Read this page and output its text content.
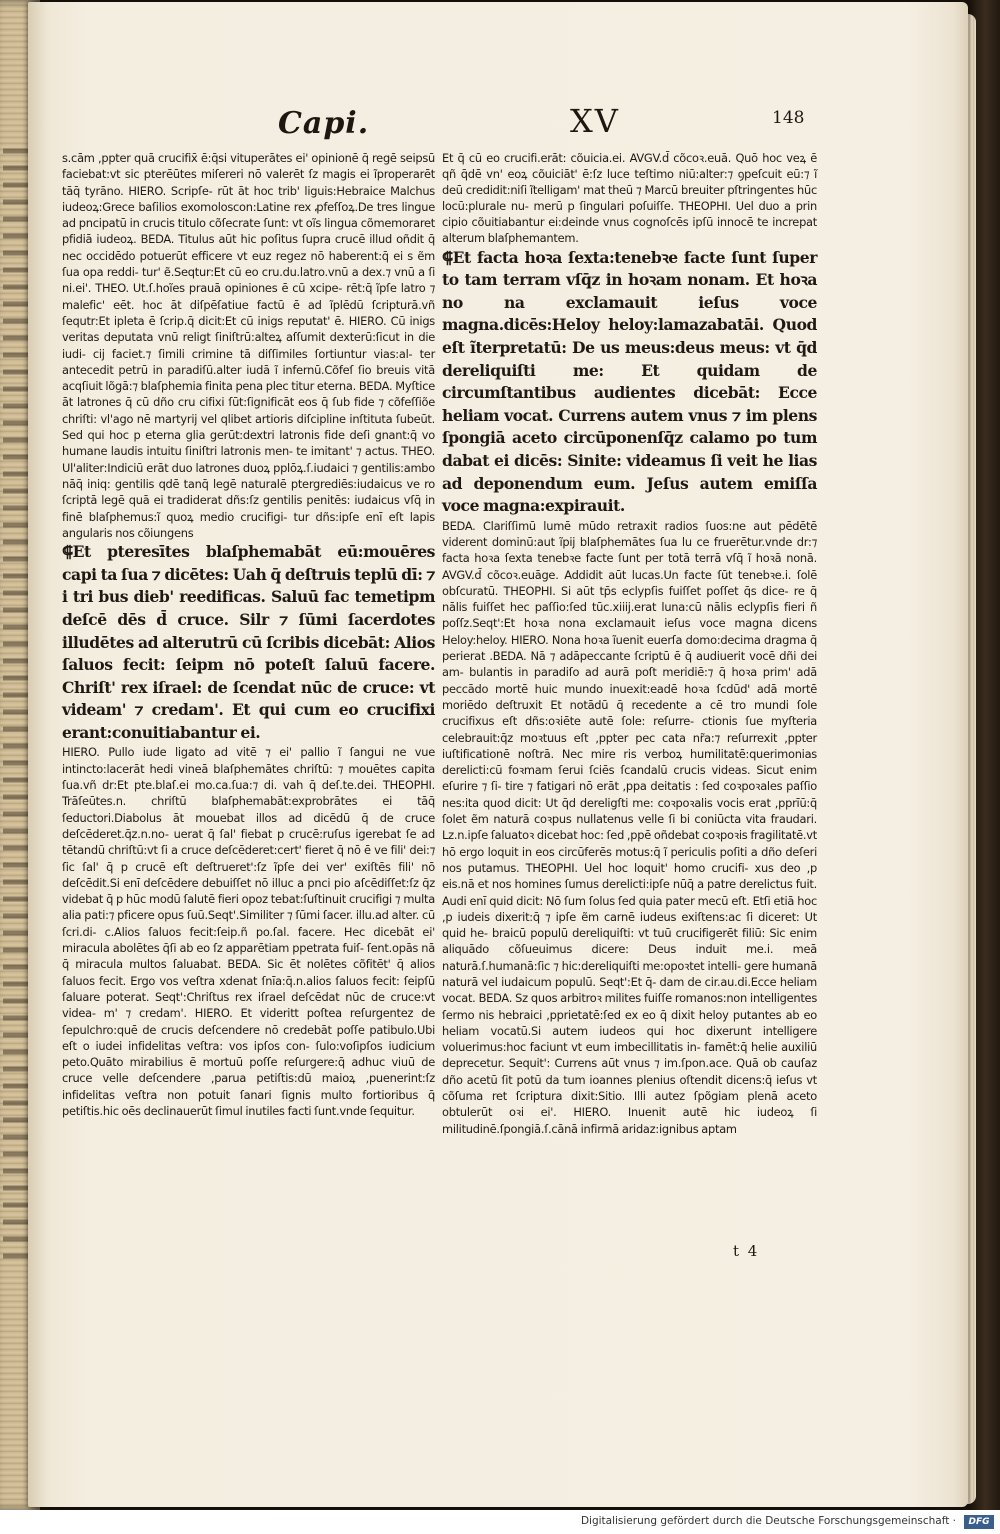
Capi.	XV	148

s.cām ,ppter quā crucifix̄ ē:q̄si vituperātes ei' opinionē q̄ regē seipsū faciebat:vt sic pterēūtes miſereri nō valerēt ſz magis ei ĩproperarēt tāq̄ tyrāno. HIERO. Scripſe- rūt āt hoc trib' liguis:Hebraice Malchus iudeoꝝ:Grece baſilios exomoloscon:Latine rex ꝓfeſſoꝝ.De tres lingue ad pncipatū in crucis titulo cõſecrate ſunt: vt oĩs lingua cõmemoraret pfidiā iudeoꝝ. BEDA. Titulus aūt hic poſitus ſupra crucē illud oñdit q̄ nec occidēdo potuerūt efficere vt euz regez nō haberent:q̄ ei s ẽm ſua opa reddi- tur' ẽ.Seqtur:Et cū eo cru.du.latro.vnū a dex.⁊ vnū a ſi ni.ei'. THEO. Ut.ſ.hoĩes prauā opiniones ē cū xcipe- rēt:q̄ ĩpſe latro ⁊ malefic' eēt. hoc āt diſpēſatiue factū ē ad ĩplēdū ſcripturā.vñ ſequtr:Et ipleta ē ſcrip.q̄ dicit:Et cū inigs reputat' ē. HIERO. Cū inigs veritas deputata vnū religt ſiniſtrū:alteꝝ aſſumit dexterū:ſicut in die iudi- cij faciet.⁊ ſimili crimine tā diſſimiles ſortiuntur vias:al- ter antecedit petrū in paradiſū.alter iudā ĩ infernū.Cõfeſ ſio breuis vitā acqſiuit lõgā:⁊ blaſphemia finita pena plec titur eterna. BEDA. Myſtice āt latrones q̄ cū dño cru cifixi ſūt:ſignificāt eos q̄ ſub fide ⁊ cõfeſſiõe chriſti: vl'ago nē martyrij vel qlibet artioris diſcipline inſtituta ſubeūt. Sed qui hoc p eterna glia gerūt:dextri latronis fide deſi gnant:q̄ vo humane laudis intuitu ſiniſtri latronis men- te imitant' ⁊ actus. THEO. Ul'aliter:Indiciū erāt duo latrones duoꝝ pplōꝝ.ſ.iudaici ⁊ gentilis:ambo nāq̄ iniq: gentilis qdē tanq̄ legē naturalē ptergrediēs:iudaicus ve ro ſcriptā legē quā ei tradiderat dñs:ſz gentilis penitēs: iudaicus vſq̄ in finē blaſphemus:ĩ quoꝝ medio crucifigi- tur dñs:ipſe enī eſt lapis angularis nos cõiungens

⸿Et pteresītes blaſphemabāt eū:mouēres capi ta ſua ⁊ dicētes: Uah q̄ deſtruis teplū dī: ⁊ i tri bus dieb' reedificas. Saluū fac temetipm deſcē dēs d̄ cruce. Silr ⁊ ſūmi ſacerdotes illudētes ad alterutrū cū ſcribis dicebāt: Alios ſaluos fecit: ſeipm nō poteſt ſaluū facere. Chriſt' rex iſrael: de ſcendat nūc de cruce: vt videam' ⁊ credam'. Et qui cum eo crucifixi erant:conuitiabantur ei.

HIERO. Pullo iude ligato ad vitē ⁊ ei' pallio ĩ ſangui ne vue intincto:lacerāt hedi vineā blaſphemātes chriſtū: ⁊ mouētes capita ſua.vñ dr:Et pte.blaſ.ei mo.ca.ſua:⁊ di. vah q̄ deſ.te.dei. THEOPHI. Trāſeūtes.n. chriſtū blaſphemabāt:exprobrātes ei tāq̄ ſeductori.Diabolus āt mouebat illos ad dicēdū q̄ de cruce deſcēderet.q̄z.n.no- uerat q̄ ſal' fiebat p crucē:ruſus igerebat ſe ad tētandū chriſtū:vt ſi a cruce deſcēderet:cert' fieret q̄ nō ē ve fili' dei:⁊ ſic ſal' q̄ p crucē eſt deſtrueret':ſz ĩpſe dei ver' exiſtēs fili' nō deſcēdit.Si enī deſcēdere debuiſſet nō illuc a pnci pio aſcēdiſſet:ſz q̄z videbat q̄ p hūc modū ſalutē fieri opoz tebat:ſuſtinuit crucifigi ⁊ multa alia pati:⁊ pficere opus ſuū.Seqt'.Similiter ⁊ ſūmi ſacer. illu.ad alter. cū ſcri.di- c.Alios ſaluos fecit:ſeip.ñ po.ſal. facere. Hec dicebāt ei' miracula abolētes q̄ſi ab eo ſz apparētiam ppetrata fuiſ- ſent.opās nā q̄ miracula multos ſaluabat. BEDA. Sic ēt nolētes cõfitēt' q̄ alios ſaluos fecit. Ergo vos veſtra xdenat ſnīa:q̄.n.alios ſaluos fecit: ſeipſū ſaluare poterat. Seqt':Chriſtus rex iſrael deſcēdat nūc de cruce:vt videa- m' ⁊ credam'. HIERO. Et videritt poſtea reſurgentez de ſepulchro:quē de crucis deſcendere nō credebāt poſſe patibulo.Ubi eſt o iudei infidelitas veſtra: vos ipſos con- ſulo:voſipſos iudicium peto.Quāto mirabilius ē mortuū poſſe reſurgere:q̄ adhuc viuū de cruce velle deſcendere ,parua petiſtis:dū maioꝝ ,puenerint:ſz infidelitas veſtra non potuit ſanari ſignis multo fortioribus q̄ petiſtis.hic oēs declinauerūt ſimul inutiles facti ſunt.vnde ſequitur.

Et q̄ cū eo crucifi.erāt: cõuicia.ei. AVGV.d̄ cõcoꝛ.euā. Quō hoc veꝝ ē qñ q̄dē vn' eoꝝ cõuiciāt' ē:ſz luce teſtimo niū:alter:⁊ ꝯpeſcuit eū:⁊ ĩ deū credidit:niſi ĩtelligam' mat theū ⁊ Marcū breuiter pſtringentes hūc locū:plurale nu- merū p ſingulari poſuiſſe. THEOPHI. Uel duo a prin cipio cõuitiabantur ei:deinde vnus cognoſcēs ipſū innocē te increpat alterum blaſphemantem.

⸿Et facta hoꝛa ſexta:tenebꝛe facte ſunt ſuper to tam terram vſq̄z in hoꝛam nonam. Et hoꝛa no na exclamauit ieſus voce magna.dicēs:Heloy heloy:lamazabatāi. Quod eſt ĩterpretatū: De us meus:deus meus: vt q̄d dereliquiſti me: Et quidam de circumſtantibus audientes dicebāt: Ecce heliam vocat. Currens autem vnus ⁊ im plens ſpongiā aceto circūponenſq̄z calamo po tum dabat ei dicēs: Sinite: videamus ſi veit he lias ad deponendum eum. Jeſus autem emiſſa voce magna:expirauit.

BEDA. Clariſſimū lumē mūdo retraxit radios ſuos:ne aut pēdētē viderent dominū:aut ĩpij blaſphemātes ſua lu ce fruerētur.vnde dr:⁊ facta hoꝛa ſexta tenebꝛe facte ſunt per totā terrā vſq̄ ĩ hoꝛā nonā. AVGV.d̄ cõcoꝛ.euāge. Addidit aūt lucas.Un facte ſūt tenebꝛe.i. ſolē obſcuratū. THEOPHI. Si aūt tp̄s eclypſis fuiſſet poſſet q̄s dice- re q̄ nālis fuiſſet hec paſſio:ſed tūc.xiiij.erat luna:cū nālis eclypſis fieri ñ poſſz.Seqt':Et hoꝛa nona exclamauit ieſus voce magna dicens Heloy:heloy. HIERO. Nona hoꝛa ĩuenit euerſa domo:decima dragma q̄ perierat .BEDA. Nā ⁊ adāpeccante ſcriptū ē q̄ audiuerit vocē dñi dei am- bulantis in paradiſo ad aurā poſt meridiē:⁊ q̄ hoꝛa prim' adā peccādo mortē huic mundo inuexit:eadē hoꝛa ſcdūd' adā mortē moriēdo deſtruxit Et notādū q̄ recedente a cē tro mundi ſole crucifixus eſt dñs:oꝛiēte autē ſole: reſurre- ctionis ſue myſteria celebrauit:q̄z moꝛtuus eſt ,ppter pec cata nr̃a:⁊ reſurrexit ,ppter iuſtificationē noſtrā. Nec mire ris verboꝝ humilitatē:querimonias derelicti:cū foꝛmam ſerui ſciēs ſcandalū crucis videas. Sicut enim eſurire ⁊ ſi- tire ⁊ fatigari nō erāt ,ppa deitatis : ſed coꝛpoꝛales paſſio nes:ita quod dicit: Ut q̄d dereligſti me: coꝛpoꝛalis vocis erat ,pprīū:q̄ ſolet ẽm naturā coꝛpus nullatenus velle ſi bi coniūcta vita fraudari. Lz.n.ipſe ſaluatoꝛ dicebat hoc: ſed ,ppē oñdebat coꝛpoꝛis fragilitatē.vt hō ergo loquit in eos circūferēs motus:q̄ ĩ periculis poſiti a dño deſeri nos putamus. THEOPHI. Uel hoc loquit' homo crucifi- xus deo ,p eis.nā et nos homines ſumus derelicti:ipſe nūq̄ a patre derelictus fuit. Audi enī quid dicit: Nō ſum ſolus ſed quia pater mecū eſt. Etſi etiā hoc ,p iudeis dixerit:q̄ ⁊ ipſe ẽm carnē iudeus exiſtens:ac ſi diceret: Ut quid he- braicū populū dereliquiſti: vt tuū crucifigerēt filiū: Sic enim aliquādo cõſueuimus dicere: Deus induit me.i. meā naturā.ſ.humanā:ſic ⁊ hic:dereliquiſti me:opoꝛtet intelli- gere humanā naturā vel iudaicum populū. Seqt':Et q̄- dam de cir.au.di.Ecce heliam vocat. BEDA. Sz quos arbitroꝛ milites fuiſſe romanos:non intelligentes ſermo nis hebraici ,pprietatē:ſed ex eo q̄ dixit heloy putantes ab eo heliam vocatū.Si autem iudeos qui hoc dixerunt intelligere voluerimus:hoc faciunt vt eum imbecillitatis in- famēt:q̄ helie auxiliū deprecetur. Sequit': Currens aūt vnus ⁊ im.ſpon.ace. Quā ob cauſaz dño acetū ſit potū da tum ioannes plenius oſtendit dicens:q̄ ieſus vt cõſuma ret ſcriptura dixit:Sitio. Illi autez ſpõgiam plenā aceto obtulerūt oꝛi ei'. HIERO. Inuenit autē hic iudeoꝝ ſi militudinē.ſpongiā.ſ.cānā infirmā aridaz:ignibus aptam

t 4
Digitalisierung gefördert durch die Deutsche Forschungsgemeinschaft ·	DFG
